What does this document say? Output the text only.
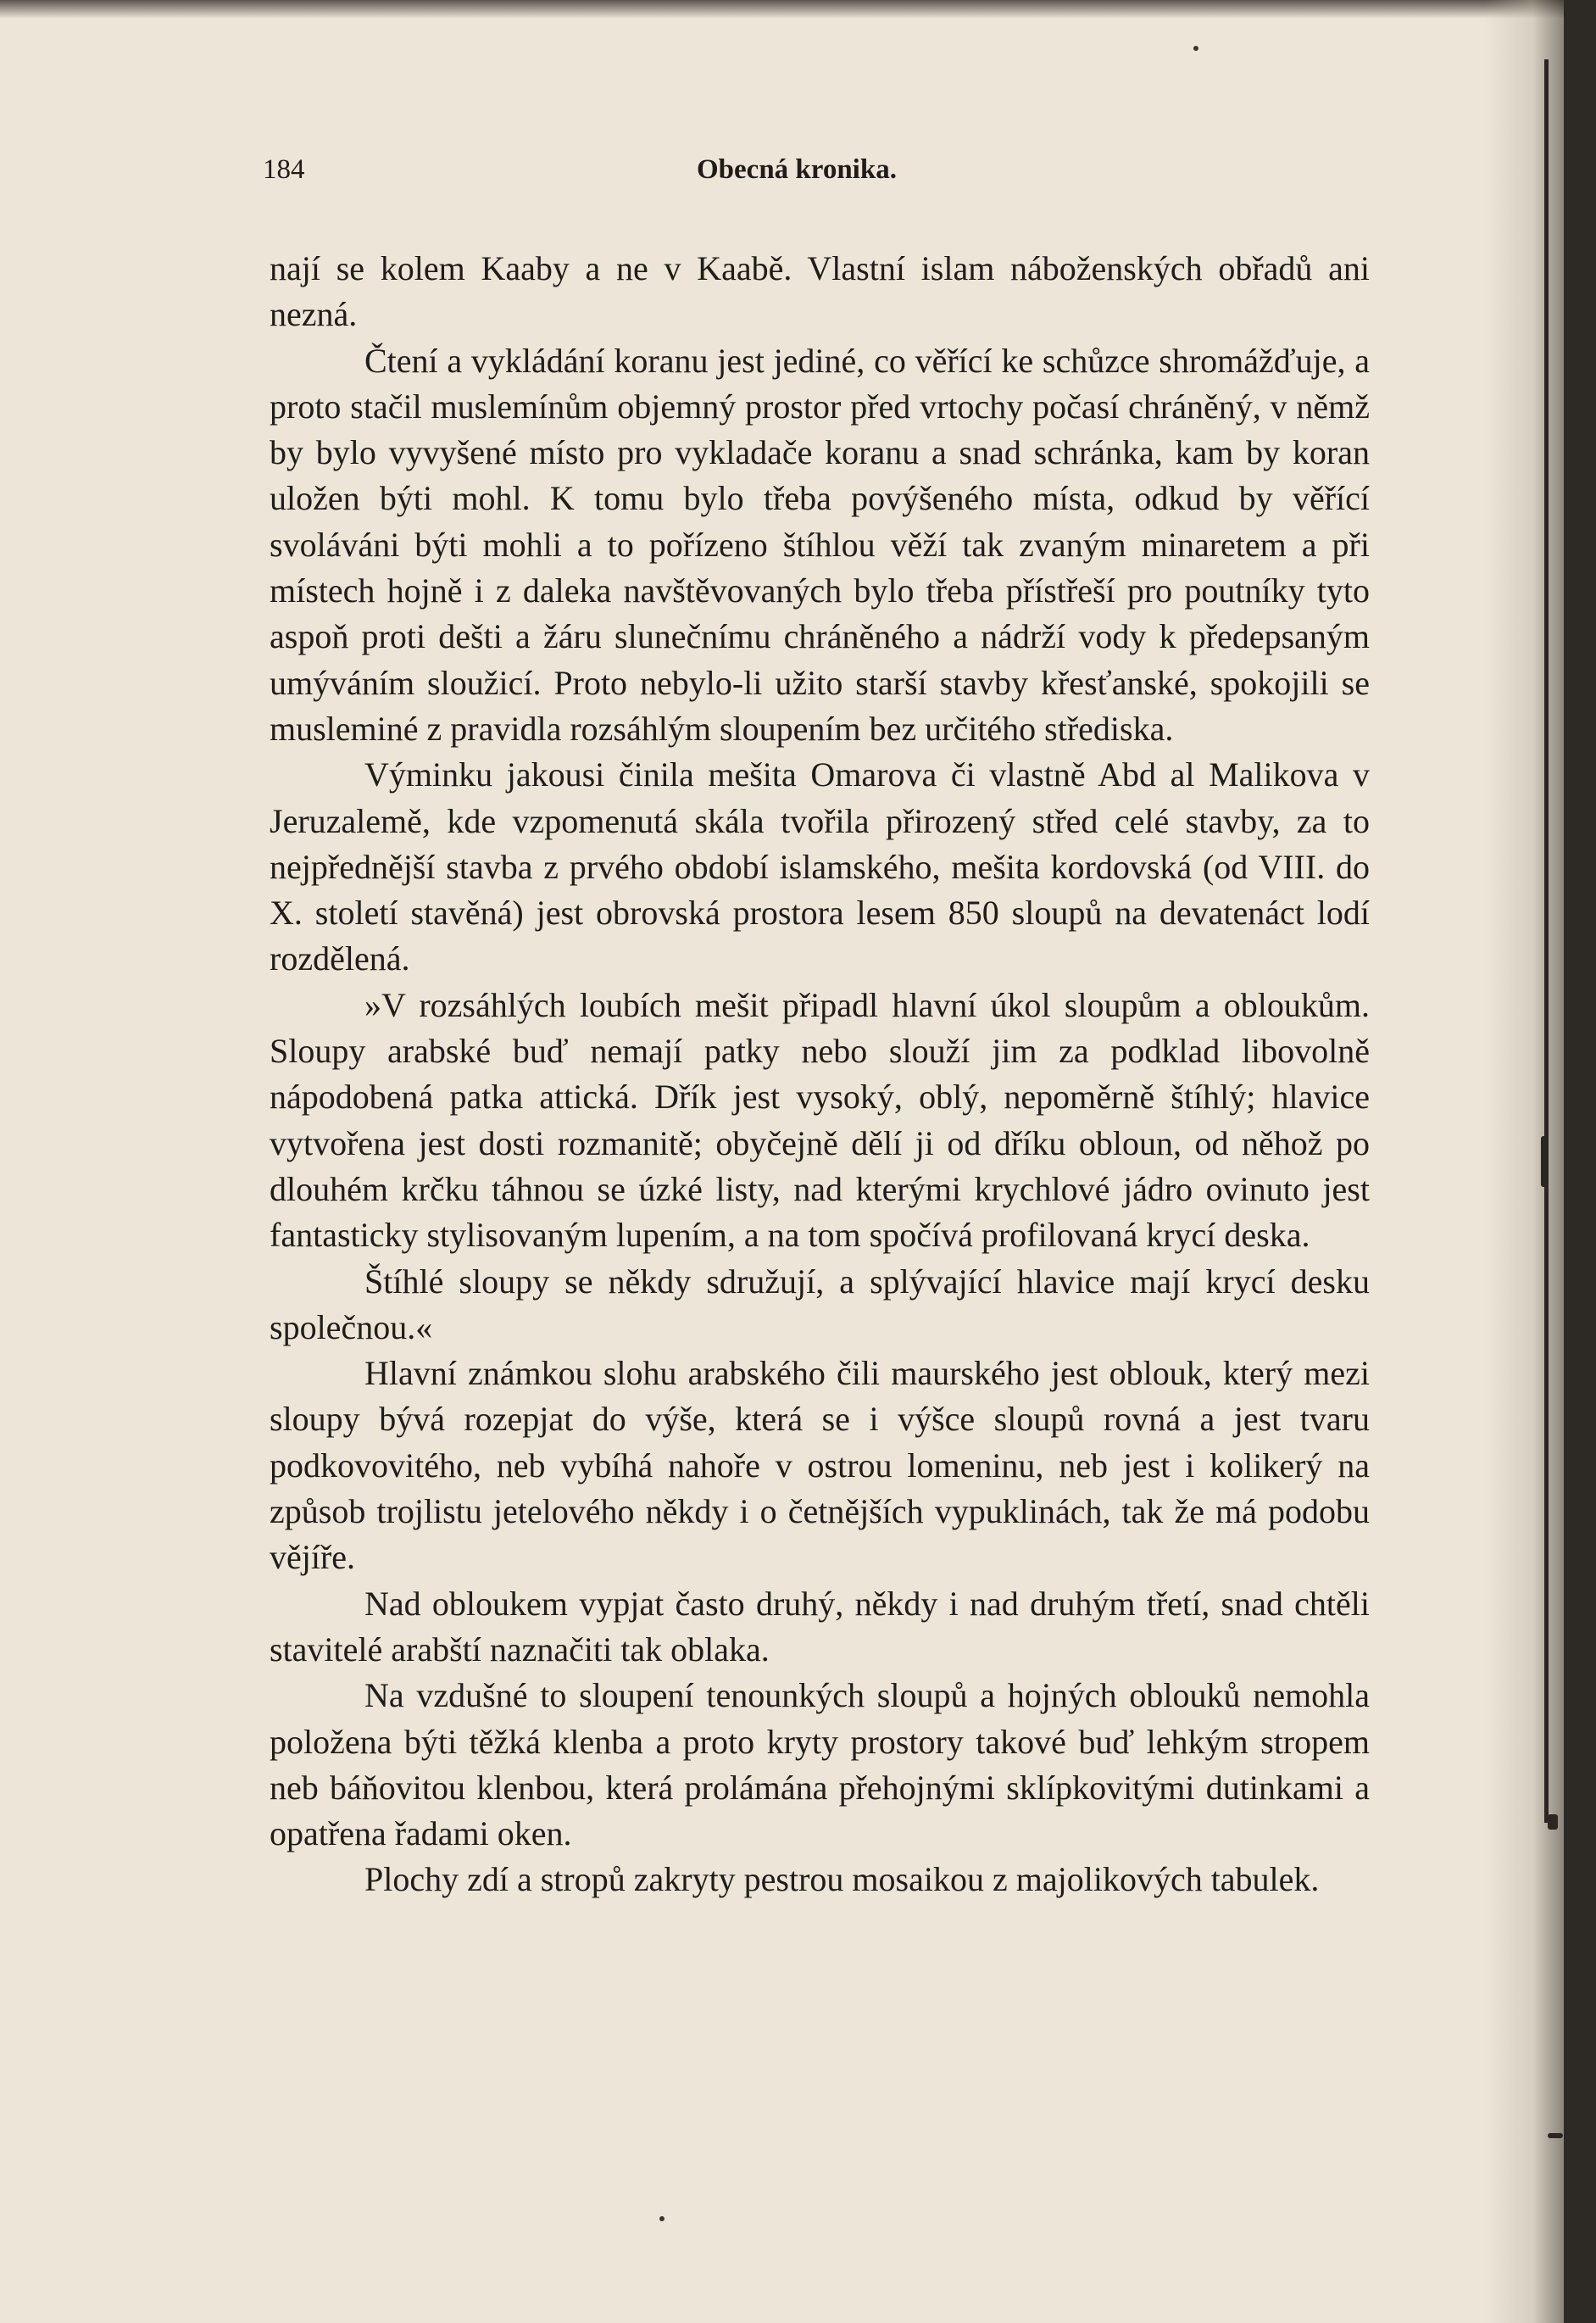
184	Obecná kronika.

nají se kolem Kaaby a ne v Kaabě. Vlastní islam náboženských obřadů ani nezná.

Čtení a vykládání koranu jest jediné, co věřící ke schůzce shromážďuje, a proto stačil muslemínům objemný prostor před vrtochy počasí chráněný, v němž by bylo vyvyšené místo pro vykladače koranu a snad schránka, kam by koran uložen býti mohl. K tomu bylo třeba povýšeného místa, odkud by věřící svoláváni býti mohli a to pořízeno štíhlou věží tak zvaným minaretem a při místech hojně i z daleka navštěvovaných bylo třeba přístřeší pro poutníky tyto aspoň proti dešti a žáru slunečnímu chráněného a nádrží vody k předepsaným umýváním sloužicí. Proto nebylo-li užito starší stavby křesťanské, spokojili se musleminé z pravidla rozsáhlým sloupením bez určitého střediska.

Výminku jakousi činila mešita Omarova či vlastně Abd al Malikova v Jeruzalemě, kde vzpomenutá skála tvořila přirozený střed celé stavby, za to nejpřednější stavba z prvého období islamského, mešita kordovská (od VIII. do X. století stavěná) jest obrovská prostora lesem 850 sloupů na devatenáct lodí rozdělená.

»V rozsáhlých loubích mešit připadl hlavní úkol sloupům a obloukům. Sloupy arabské buď nemají patky nebo slouží jim za podklad libovolně nápodobená patka attická. Dřík jest vysoký, oblý, nepoměrně štíhlý; hlavice vytvořena jest dosti rozmanitě; obyčejně dělí ji od dříku obloun, od něhož po dlouhém krčku táhnou se úzké listy, nad kterými krychlové jádro ovinuto jest fantasticky stylisovaným lupením, a na tom spočívá profilovaná krycí deska.

Štíhlé sloupy se někdy sdružují, a splývající hlavice mají krycí desku společnou.«

Hlavní známkou slohu arabského čili maurského jest oblouk, který mezi sloupy bývá rozepjat do výše, která se i výšce sloupů rovná a jest tvaru podkovovitého, neb vybíhá nahoře v ostrou lomeninu, neb jest i kolikerý na způsob trojlistu jetelového někdy i o četnějších vypuklinách, tak že má podobu vějíře.

Nad obloukem vypjat často druhý, někdy i nad druhým třetí, snad chtěli stavitelé arabští naznačiti tak oblaka.

Na vzdušné to sloupení tenounkých sloupů a hojných oblouků nemohla položena býti těžká klenba a proto kryty prostory takové buď lehkým stropem neb báňovitou klenbou, která prolámána přehojnými sklípkovitými dutinkami a opatřena řadami oken.

Plochy zdí a stropů zakryty pestrou mosaikou z majolikových tabulek.
